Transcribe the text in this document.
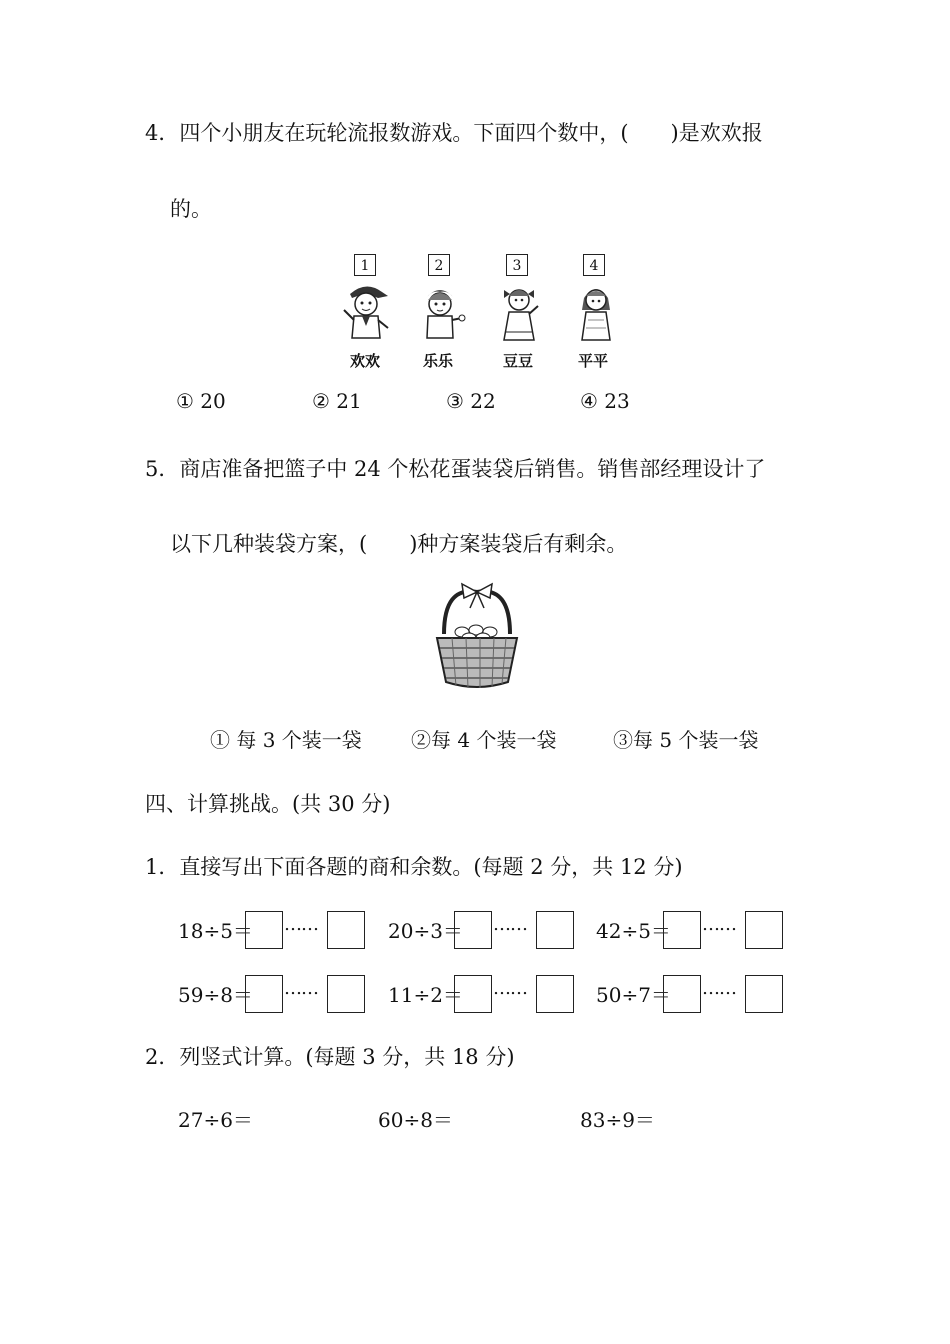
4．四个小朋友在玩轮流报数游戏。下面四个数中，(　　)是欢欢报
的。
1
欢欢
2
乐乐
3
豆豆
4
平平
① 20	② 21	③ 22	④ 23
5．商店准备把篮子中 24 个松花蛋装袋后销售。销售部经理设计了
以下几种装袋方案，(　　)种方案装袋后有剩余。
① 每 3 个装一袋 ②每 4 个装一袋	③每 5 个装一袋
四、计算挑战。(共 30 分)
1．直接写出下面各题的商和余数。(每题 2 分，共 12 分)
18÷5＝ ……	20÷3＝ ……	42÷5＝ ……
59÷8＝ ……	11÷2＝ ……	50÷7＝ ……
2．列竖式计算。(每题 3 分，共 18 分)
27÷6＝	60÷8＝	83÷9＝
